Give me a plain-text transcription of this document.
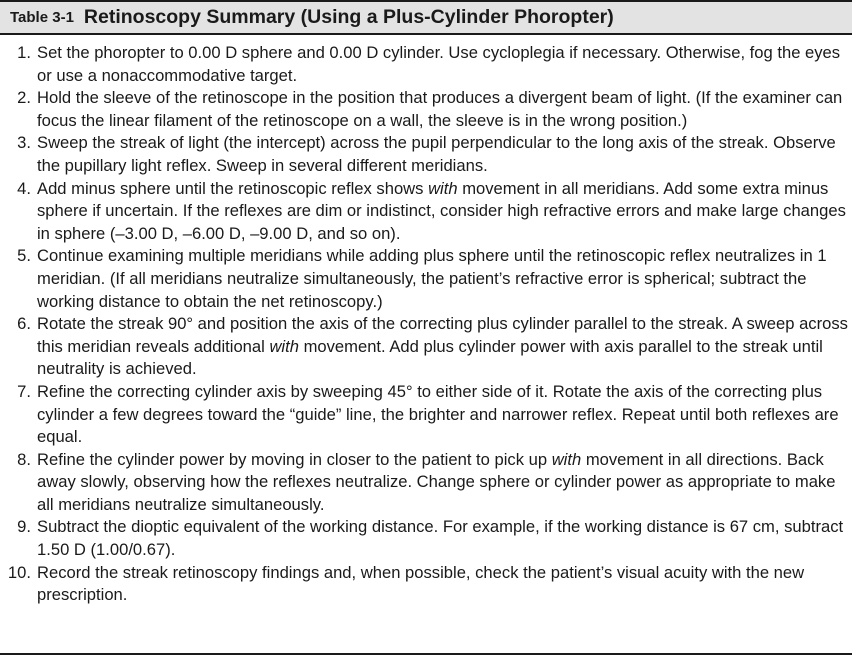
Table 3-1 Retinoscopy Summary (Using a Plus-Cylinder Phoropter)
1. Set the phoropter to 0.00 D sphere and 0.00 D cylinder. Use cycloplegia if necessary. Otherwise, fog the eyes or use a nonaccommodative target.
2. Hold the sleeve of the retinoscope in the position that produces a divergent beam of light. (If the examiner can focus the linear filament of the retinoscope on a wall, the sleeve is in the wrong position.)
3. Sweep the streak of light (the intercept) across the pupil perpendicular to the long axis of the streak. Observe the pupillary light reflex. Sweep in several different meridians.
4. Add minus sphere until the retinoscopic reflex shows with movement in all meridians. Add some extra minus sphere if uncertain. If the reflexes are dim or indistinct, consider high refractive errors and make large changes in sphere (–3.00 D, –6.00 D, –9.00 D, and so on).
5. Continue examining multiple meridians while adding plus sphere until the retinoscopic reflex neutralizes in 1 meridian. (If all meridians neutralize simultaneously, the patient’s refractive error is spherical; subtract the working distance to obtain the net retinoscopy.)
6. Rotate the streak 90° and position the axis of the correcting plus cylinder parallel to the streak. A sweep across this meridian reveals additional with movement. Add plus cylinder power with axis parallel to the streak until neutrality is achieved.
7. Refine the correcting cylinder axis by sweeping 45° to either side of it. Rotate the axis of the correcting plus cylinder a few degrees toward the “guide” line, the brighter and narrower reflex. Repeat until both reflexes are equal.
8. Refine the cylinder power by moving in closer to the patient to pick up with movement in all directions. Back away slowly, observing how the reflexes neutralize. Change sphere or cylinder power as appropriate to make all meridians neutralize simultaneously.
9. Subtract the dioptic equivalent of the working distance. For example, if the working distance is 67 cm, subtract 1.50 D (1.00/0.67).
10. Record the streak retinoscopy findings and, when possible, check the patient’s visual acuity with the new prescription.
